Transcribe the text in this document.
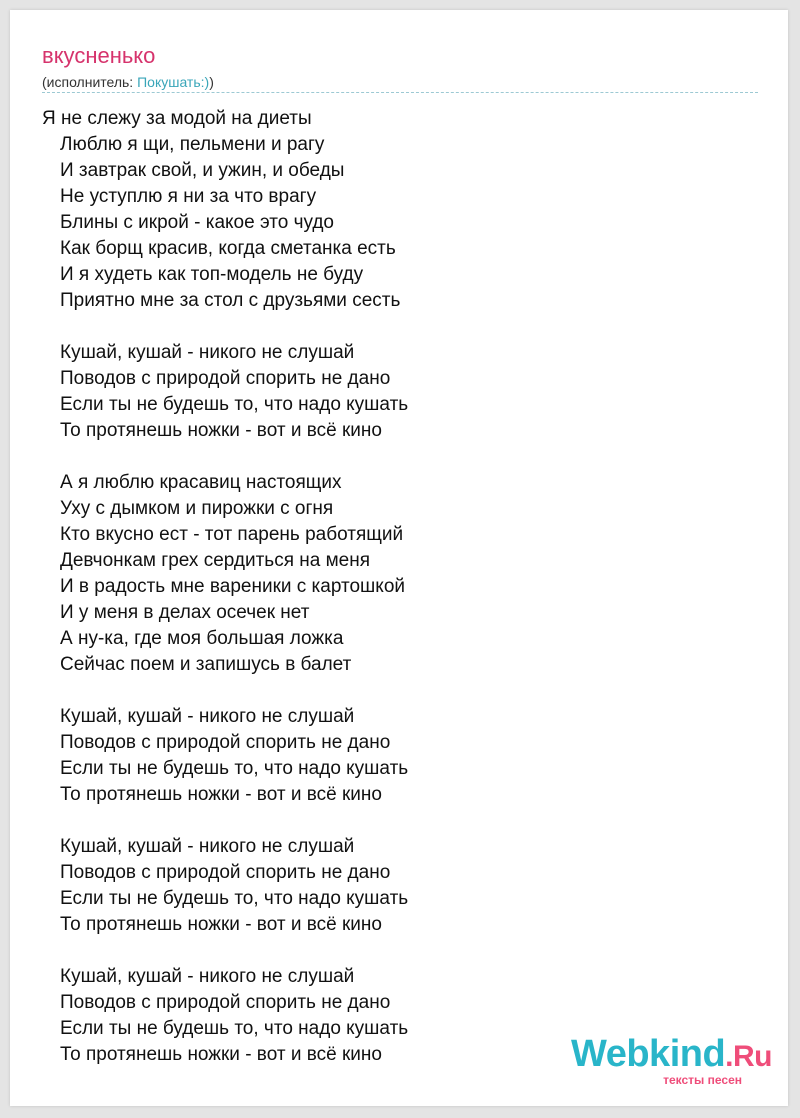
вкусненько
(исполнитель: Покушать:))
Я не слежу за модой на диеты
Люблю я щи, пельмени и рагу
И завтрак свой, и ужин, и обеды
Не уступлю я ни за что врагу
Блины с икрой - какое это чудо
Как борщ красив, когда сметанка есть
И я худеть как топ-модель не буду
Приятно мне за стол с друзьями сесть
Кушай, кушай - никого не слушай
Поводов с природой спорить не дано
Если ты не будешь то, что надо кушать
То протянешь ножки - вот и всё кино
А я люблю красавиц настоящих
Уху с дымком и пирожки с огня
Кто вкусно ест - тот парень работящий
Девчонкам грех сердиться на меня
И в радость мне вареники с картошкой
И у меня в делах осечек нет
А ну-ка, где моя большая ложка
Сейчас поем и запишусь в балет
Кушай, кушай - никого не слушай
Поводов с природой спорить не дано
Если ты не будешь то, что надо кушать
То протянешь ножки - вот и всё кино
Кушай, кушай - никого не слушай
Поводов с природой спорить не дано
Если ты не будешь то, что надо кушать
То протянешь ножки - вот и всё кино
Кушай, кушай - никого не слушай
Поводов с природой спорить не дано
Если ты не будешь то, что надо кушать
То протянешь ножки - вот и всё кино	Webkind.Ru
тексты песен
